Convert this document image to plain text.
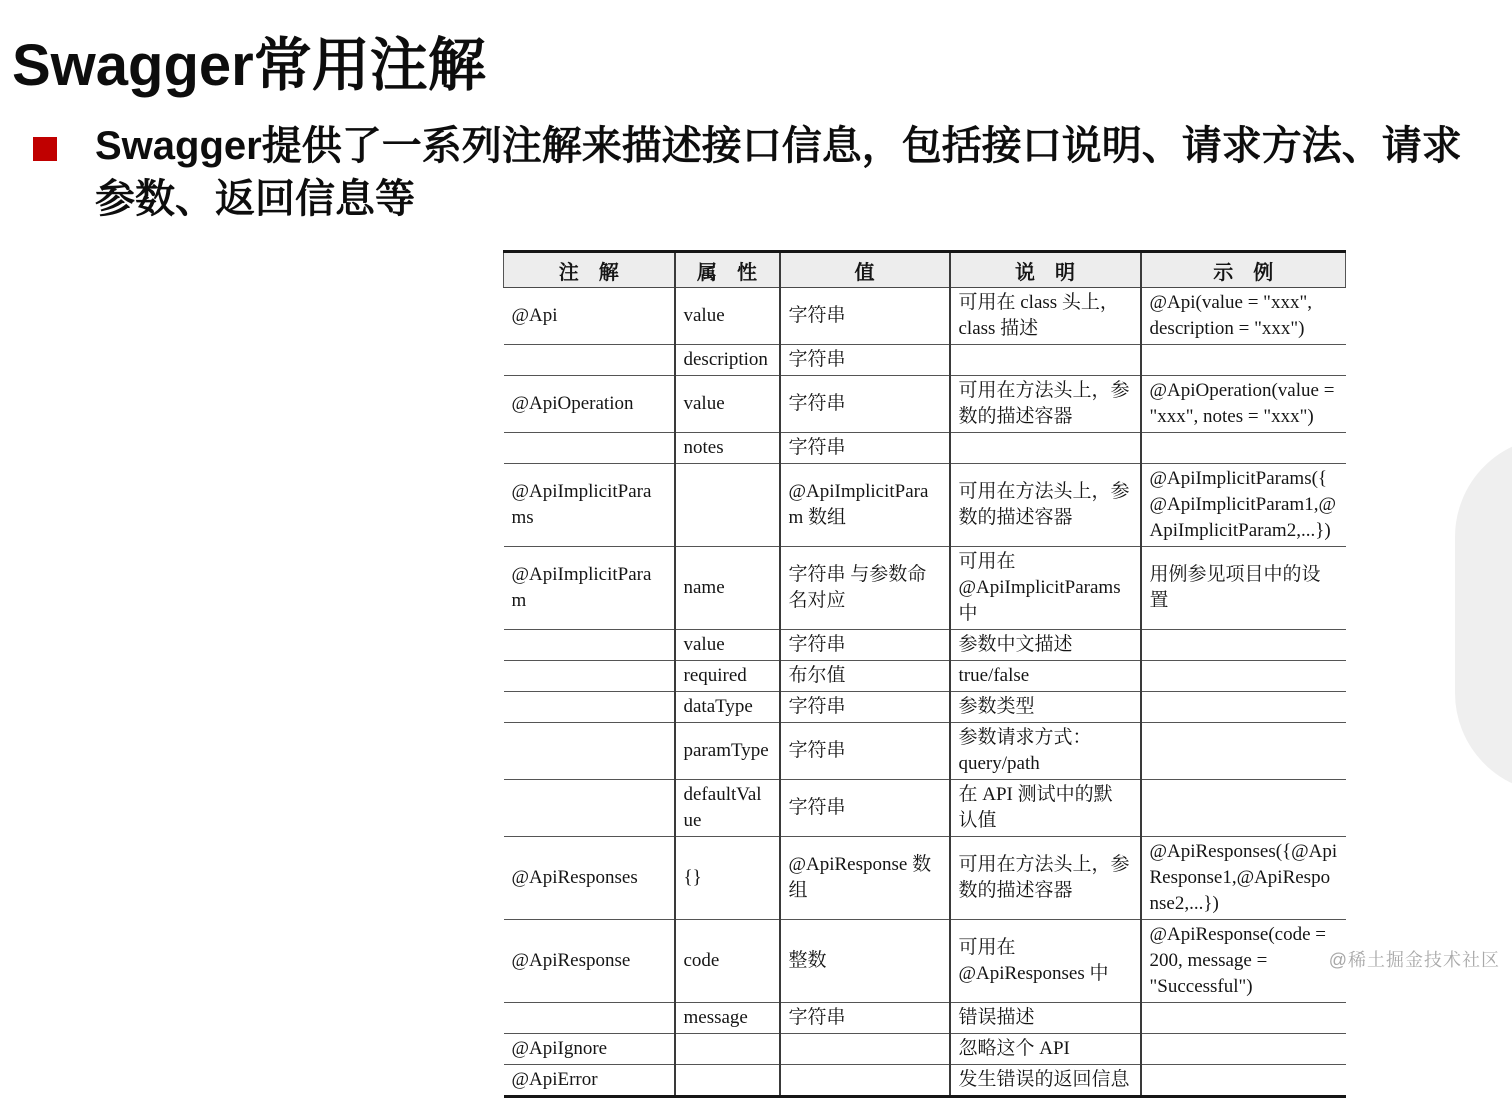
Swagger常用注解

Swagger提供了一系列注解来描述接口信息，包括接口说明、请求方法、请求参数、返回信息等

注　解	属　性	值	说　明	示　例
@Api	value	字符串	可用在 class 头上，class 描述	@Api(value = "xxx", description = "xxx")
	description	字符串		
@ApiOperation	value	字符串	可用在方法头上，参数的描述容器	@ApiOperation(value = "xxx", notes = "xxx")
	notes	字符串		
@ApiImplicitParams		@ApiImplicitParam 数组	可用在方法头上，参数的描述容器	@ApiImplicitParams({@ApiImplicitParam1,@ApiImplicitParam2,...})
@ApiImplicitParam	name	字符串 与参数命名对应	可用在 @ApiImplicitParams 中	用例参见项目中的设置
	value	字符串	参数中文描述	
	required	布尔值	true/false	
	dataType	字符串	参数类型	
	paramType	字符串	参数请求方式：query/path	
	defaultValue	字符串	在 API 测试中的默认值	
@ApiResponses	{}	@ApiResponse 数组	可用在方法头上，参数的描述容器	@ApiResponses({@ApiResponse1,@ApiResponse2,...})
@ApiResponse	code	整数	可用在@ApiResponses 中	@ApiResponse(code = 200, message = "Successful")
	message	字符串	错误描述	
@ApiIgnore			忽略这个 API	
@ApiError			发生错误的返回信息	
@稀土掘金技术社区
